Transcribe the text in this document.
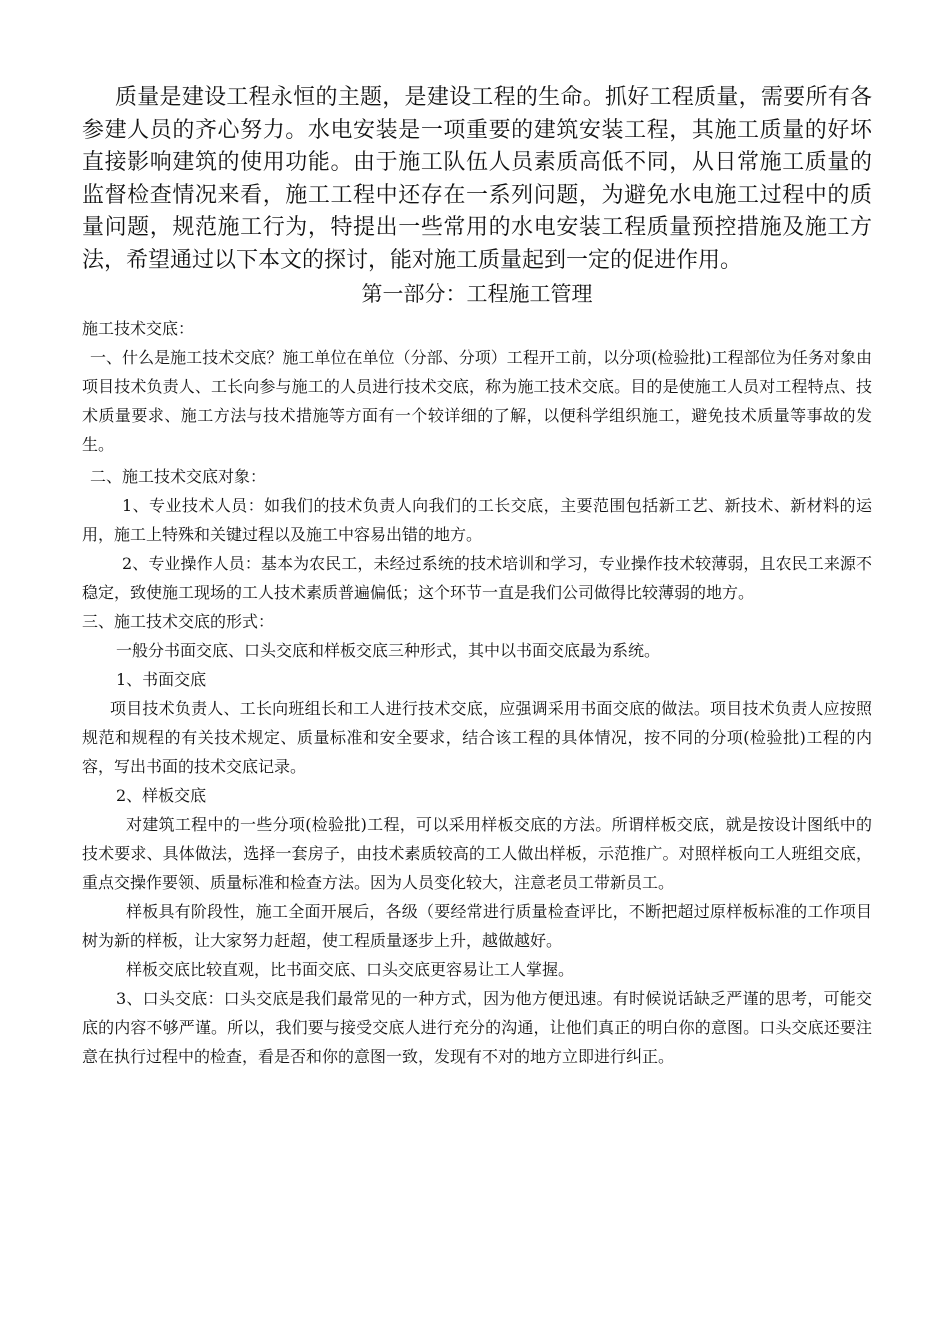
质量是建设工程永恒的主题，是建设工程的生命。抓好工程质量，需要所有各参建人员的齐心努力。水电安装是一项重要的建筑安装工程，其施工质量的好坏直接影响建筑的使用功能。由于施工队伍人员素质高低不同，从日常施工质量的监督检查情况来看，施工工程中还存在一系列问题，为避免水电施工过程中的质量问题，规范施工行为，特提出一些常用的水电安装工程质量预控措施及施工方法，希望通过以下本文的探讨，能对施工质量起到一定的促进作用。

第一部分：工程施工管理

施工技术交底：

一、什么是施工技术交底？施工单位在单位（分部、分项）工程开工前，以分项(检验批)工程部位为任务对象由项目技术负责人、工长向参与施工的人员进行技术交底，称为施工技术交底。目的是使施工人员对工程特点、技术质量要求、施工方法与技术措施等方面有一个较详细的了解，以便科学组织施工，避免技术质量等事故的发生。

二、施工技术交底对象：

1、专业技术人员：如我们的技术负责人向我们的工长交底，主要范围包括新工艺、新技术、新材料的运用，施工上特殊和关键过程以及施工中容易出错的地方。

2、专业操作人员：基本为农民工，未经过系统的技术培训和学习，专业操作技术较薄弱，且农民工来源不稳定，致使施工现场的工人技术素质普遍偏低；这个环节一直是我们公司做得比较薄弱的地方。

三、施工技术交底的形式：

一般分书面交底、口头交底和样板交底三种形式，其中以书面交底最为系统。

1、书面交底

项目技术负责人、工长向班组长和工人进行技术交底，应强调采用书面交底的做法。项目技术负责人应按照规范和规程的有关技术规定、质量标准和安全要求，结合该工程的具体情况，按不同的分项(检验批)工程的内容，写出书面的技术交底记录。

2、样板交底

对建筑工程中的一些分项(检验批)工程，可以采用样板交底的方法。所谓样板交底，就是按设计图纸中的技术要求、具体做法，选择一套房子，由技术素质较高的工人做出样板，示范推广。对照样板向工人班组交底，重点交操作要领、质量标准和检查方法。因为人员变化较大，注意老员工带新员工。

样板具有阶段性，施工全面开展后，各级（要经常进行质量检查评比，不断把超过原样板标准的工作项目树为新的样板，让大家努力赶超，使工程质量逐步上升，越做越好。

样板交底比较直观，比书面交底、口头交底更容易让工人掌握。

3、口头交底：口头交底是我们最常见的一种方式，因为他方便迅速。有时候说话缺乏严谨的思考，可能交底的内容不够严谨。所以，我们要与接受交底人进行充分的沟通，让他们真正的明白你的意图。口头交底还要注意在执行过程中的检查，看是否和你的意图一致，发现有不对的地方立即进行纠正。
